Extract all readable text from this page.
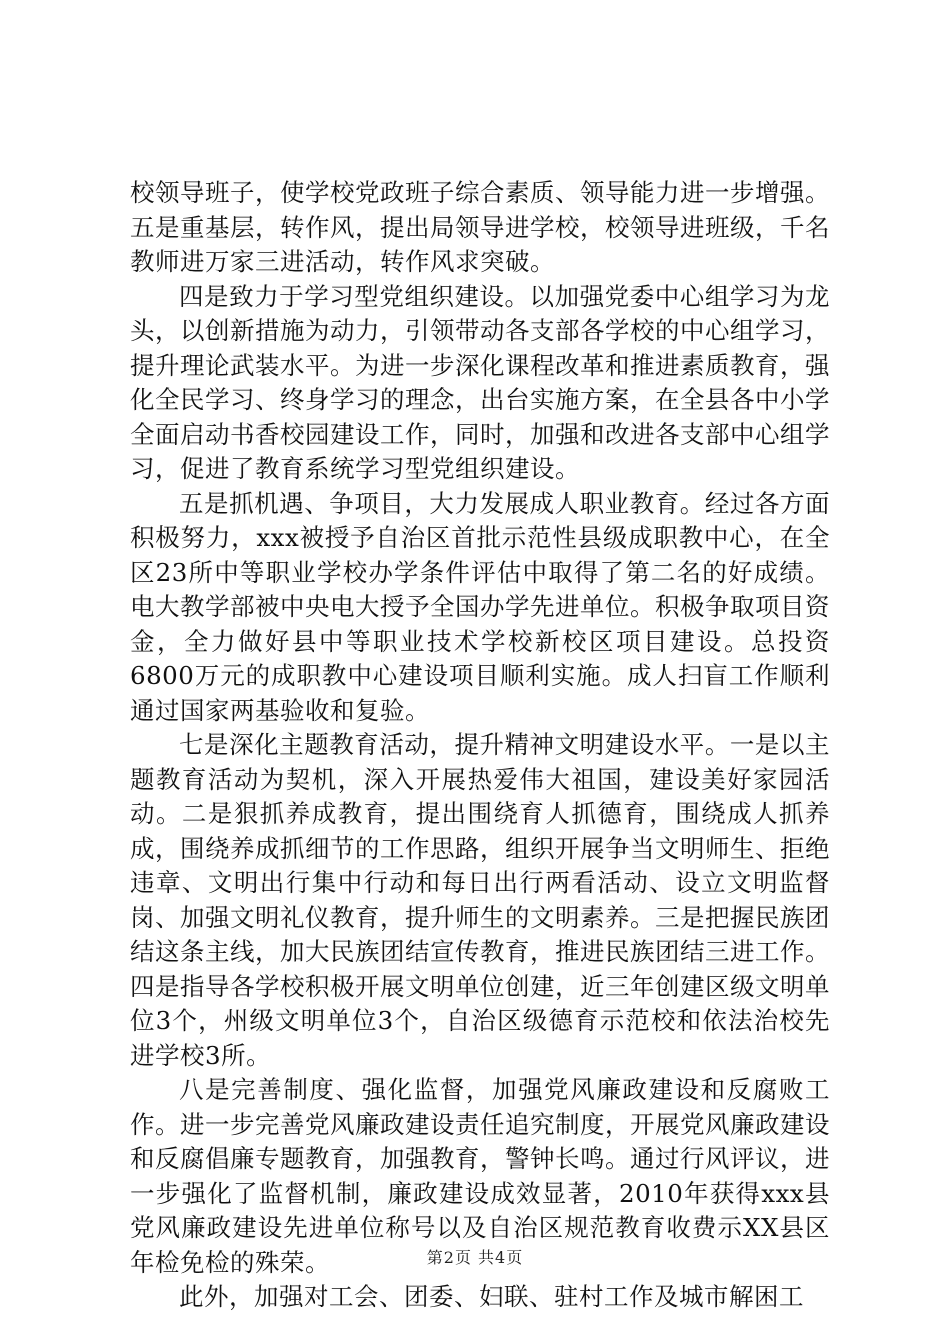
校领导班子，使学校党政班子综合素质、领导能力进一步增强。五是重基层，转作风，提出局领导进学校，校领导进班级，千名教师进万家三进活动，转作风求突破。

四是致力于学习型党组织建设。以加强党委中心组学习为龙头，以创新措施为动力，引领带动各支部各学校的中心组学习，提升理论武装水平。为进一步深化课程改革和推进素质教育，强化全民学习、终身学习的理念，出台实施方案，在全县各中小学全面启动书香校园建设工作，同时，加强和改进各支部中心组学习，促进了教育系统学习型党组织建设。

五是抓机遇、争项目，大力发展成人职业教育。经过各方面积极努力，xxx被授予自治区首批示范性县级成职教中心，在全区23所中等职业学校办学条件评估中取得了第二名的好成绩。电大教学部被中央电大授予全国办学先进单位。积极争取项目资金，全力做好县中等职业技术学校新校区项目建设。总投资6800万元的成职教中心建设项目顺利实施。成人扫盲工作顺利通过国家两基验收和复验。

七是深化主题教育活动，提升精神文明建设水平。一是以主题教育活动为契机，深入开展热爱伟大祖国，建设美好家园活动。二是狠抓养成教育，提出围绕育人抓德育，围绕成人抓养成，围绕养成抓细节的工作思路，组织开展争当文明师生、拒绝违章、文明出行集中行动和每日出行两看活动、设立文明监督岗、加强文明礼仪教育，提升师生的文明素养。三是把握民族团结这条主线，加大民族团结宣传教育，推进民族团结三进工作。四是指导各学校积极开展文明单位创建，近三年创建区级文明单位3个，州级文明单位3个，自治区级德育示范校和依法治校先进学校3所。

八是完善制度、强化监督，加强党风廉政建设和反腐败工作。进一步完善党风廉政建设责任追究制度，开展党风廉政建设和反腐倡廉专题教育，加强教育，警钟长鸣。通过行风评议，进一步强化了监督机制，廉政建设成效显著，2010年获得xxx县党风廉政建设先进单位称号以及自治区规范教育收费示XX县区年检免检的殊荣。

此外，加强对工会、团委、妇联、驻村工作及城市解困工

第2页 共4页
